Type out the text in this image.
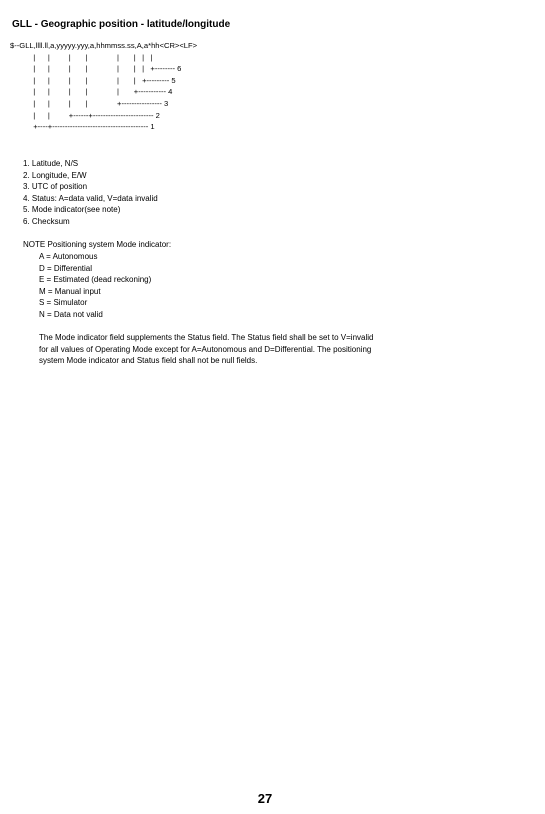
GLL - Geographic position - latitude/longitude
$--GLL,llll.ll,a,yyyyy.yyy,a,hhmmss.ss,A,a*hh<CR><LF>
|      |         |       |              |       |   |   |
|      |         |       |              |       |   |   +-------- 6
|      |         |       |              |       |   +--------- 5
|      |         |       |              |       +----------- 4
|      |         |       |              +---------------- 3
|      |         +------+------------------------ 2
+----+-------------------------------------- 1
1. Latitude, N/S
2. Longitude, E/W
3. UTC of position
4. Status: A=data valid, V=data invalid
5. Mode indicator(see note)
6. Checksum
NOTE Positioning system Mode indicator:
A = Autonomous
D = Differential
E = Estimated (dead reckoning)
M = Manual input
S = Simulator
N = Data not valid

The Mode indicator field supplements the Status field. The Status field shall be set to V=invalid for all values of Operating Mode except for A=Autonomous and D=Differential. The positioning system Mode indicator and Status field shall not be null fields.

27
